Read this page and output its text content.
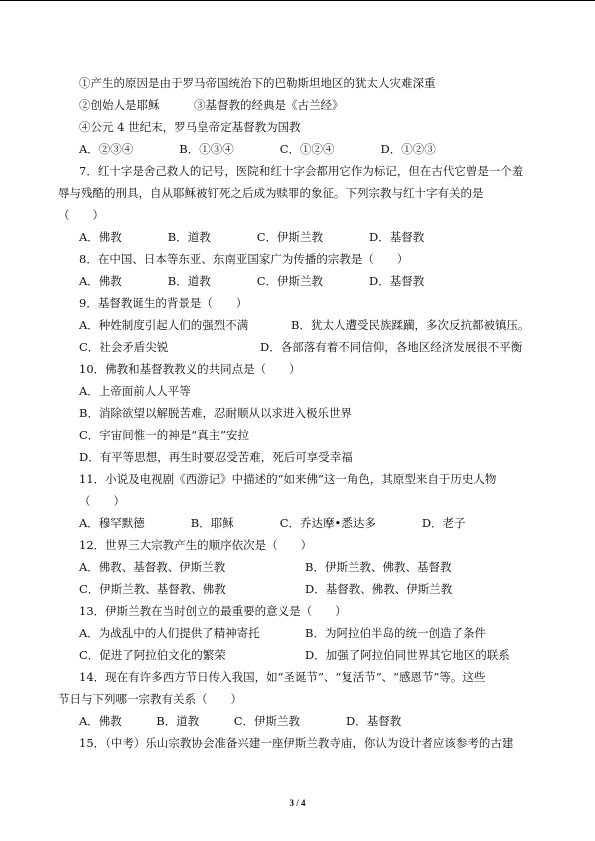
①产生的原因是由于罗马帝国统治下的巴勒斯坦地区的犹太人灾难深重
②创始人是耶稣　　　③基督教的经典是《古兰经》
④公元 4 世纪末，罗马皇帝定基督教为国教
A．②③④　　　　B．①③④　　　　C．①②④　　　　D．①②③
7．红十字是舍己救人的记号，医院和红十字会都用它作为标记，但在古代它曾是一个羞
辱与残酷的刑具，自从耶稣被钉死之后成为赎罪的象征。下列宗教与红十字有关的是
（　　）
A．佛教　　　　B．道教　　　　C．伊斯兰教　　　　D．基督教
8．在中国、日本等东亚、东南亚国家广为传播的宗教是（　　）
A．佛教　　　　B．道教　　　　C．伊斯兰教　　　　D．基督教
9．基督教诞生的背景是（　　）
A．种姓制度引起人们的强烈不满	B．犹太人遭受民族蹂躏，多次反抗都被镇压。
C．社会矛盾尖锐	D．各部落有着不同信仰，各地区经济发展很不平衡
10．佛教和基督教教义的共同点是（　　）
A．上帝面前人人平等
B．消除欲望以解脱苦难，忍耐顺从以求进入极乐世界
C．宇宙间惟一的神是“真主”安拉
D．有平等思想，再生时要忍受苦难，死后可享受幸福
11．小说及电视剧《西游记》中描述的“如来佛”这一角色，其原型来自于历史人物
（　　）
A．穆罕默德　　　　B．耶稣　　　　C．乔达摩•悉达多　　　　D．老子
12．世界三大宗教产生的顺序依次是（　　）
A．佛教、基督教、伊斯兰教	B．伊斯兰教、佛教、基督教
C．伊斯兰教、基督教、佛教	D．基督教、佛教、伊斯兰教
13．伊斯兰教在当时创立的最重要的意义是（　　）
A．为战乱中的人们提供了精神寄托	B．为阿拉伯半岛的统一创造了条件
C．促进了阿拉伯文化的繁荣	D．加强了阿拉伯同世界其它地区的联系
14．现在有许多西方节日传入我国，如“圣诞节”、“复活节”、“感恩节”等。这些
节日与下列哪一宗教有关系（　　）
A．佛教　　　B．道教　　　C．伊斯兰教　　　　D．基督教
15．（中考）乐山宗教协会准备兴建一座伊斯兰教寺庙，你认为设计者应该参考的古建
3 / 4
